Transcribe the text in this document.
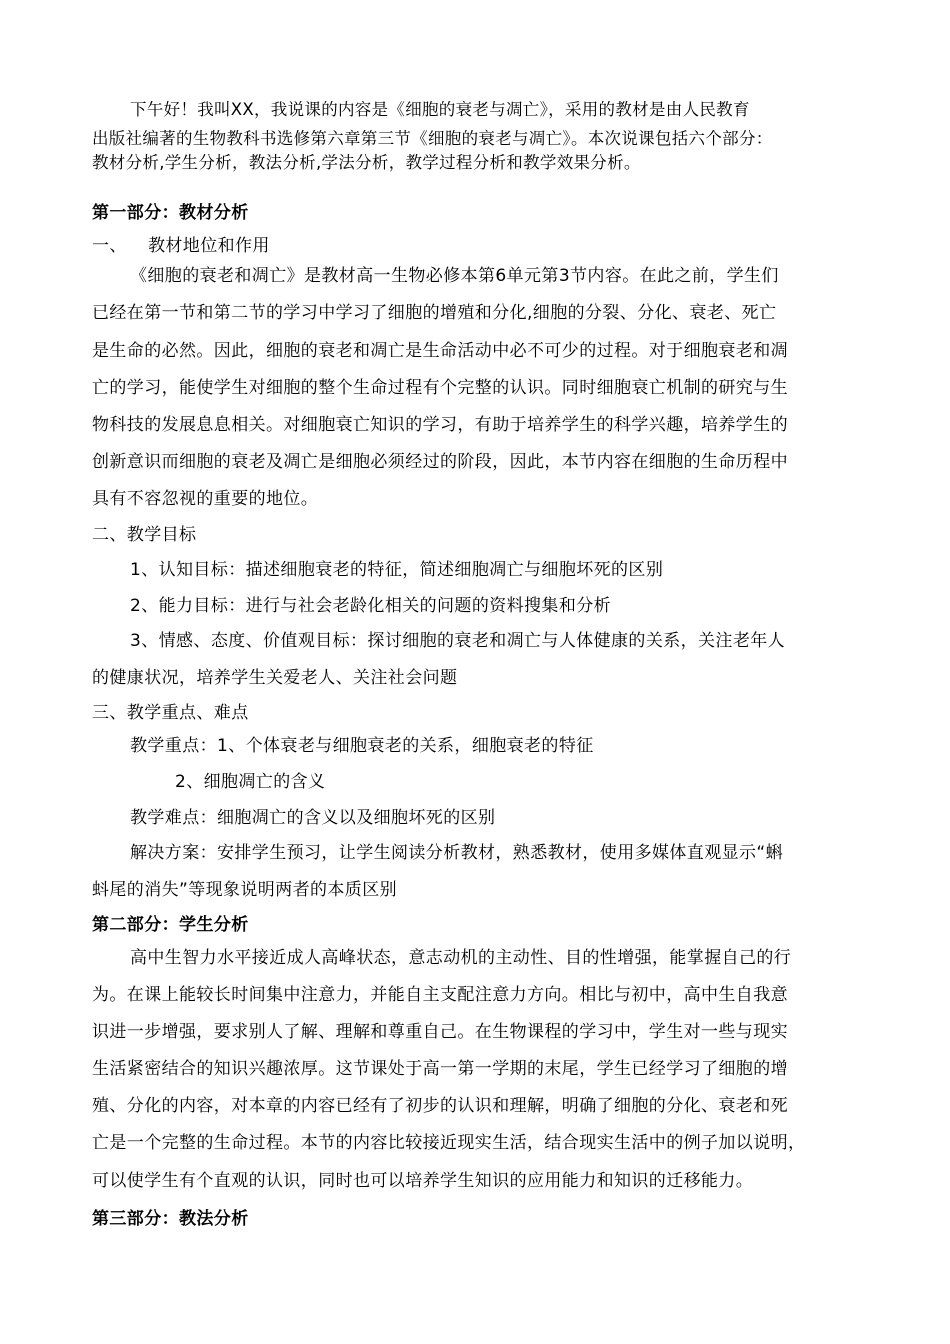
下午好！我叫XX，我说课的内容是《细胞的衰老与凋亡》，采用的教材是由人民教育
出版社编著的生物教科书选修第六章第三节《细胞的衰老与凋亡》。本次说课包括六个部分：
教材分析,学生分析，教法分析,学法分析，教学过程分析和教学效果分析。
第一部分：教材分析
一、 教材地位和作用
《细胞的衰老和凋亡》是教材高一生物必修本第6单元第3节内容。在此之前，学生们
已经在第一节和第二节的学习中学习了细胞的增殖和分化,细胞的分裂、分化、衰老、死亡
是生命的必然。因此，细胞的衰老和凋亡是生命活动中必不可少的过程。对于细胞衰老和凋
亡的学习，能使学生对细胞的整个生命过程有个完整的认识。同时细胞衰亡机制的研究与生
物科技的发展息息相关。对细胞衰亡知识的学习，有助于培养学生的科学兴趣，培养学生的
创新意识而细胞的衰老及凋亡是细胞必须经过的阶段，因此，本节内容在细胞的生命历程中
具有不容忽视的重要的地位。
二、教学目标
1、认知目标：描述细胞衰老的特征，简述细胞凋亡与细胞坏死的区别
2、能力目标：进行与社会老龄化相关的问题的资料搜集和分析
3、情感、态度、价值观目标：探讨细胞的衰老和凋亡与人体健康的关系，关注老年人
的健康状况，培养学生关爱老人、关注社会问题
三、教学重点、难点
教学重点：1、个体衰老与细胞衰老的关系，细胞衰老的特征
2、细胞凋亡的含义
教学难点：细胞凋亡的含义以及细胞坏死的区别
解决方案：安排学生预习，让学生阅读分析教材，熟悉教材，使用多媒体直观显示“蝌
蚪尾的消失”等现象说明两者的本质区别
第二部分：学生分析
高中生智力水平接近成人高峰状态，意志动机的主动性、目的性增强，能掌握自己的行
为。在课上能较长时间集中注意力，并能自主支配注意力方向。相比与初中，高中生自我意
识进一步增强，要求别人了解、理解和尊重自己。在生物课程的学习中，学生对一些与现实
生活紧密结合的知识兴趣浓厚。这节课处于高一第一学期的末尾，学生已经学习了细胞的增
殖、分化的内容，对本章的内容已经有了初步的认识和理解，明确了细胞的分化、衰老和死
亡是一个完整的生命过程。本节的内容比较接近现实生活，结合现实生活中的例子加以说明，
可以使学生有个直观的认识，同时也可以培养学生知识的应用能力和知识的迁移能力。
第三部分：教法分析
